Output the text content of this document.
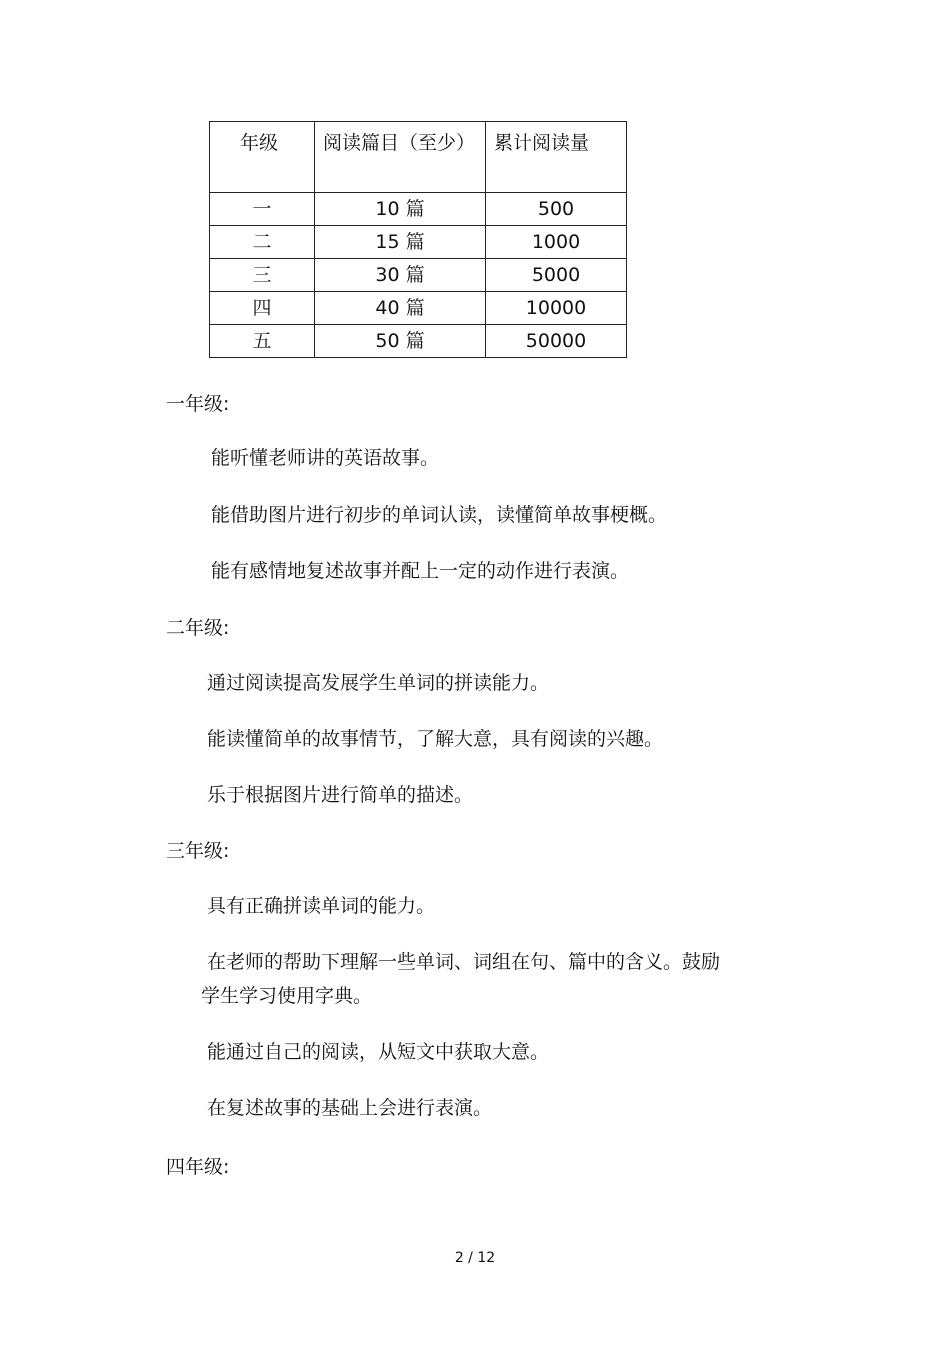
年级	阅读篇目（至少）	累计阅读量
一	10 篇	500
二	15 篇	1000
三	30 篇	5000
四	40 篇	10000
五	50 篇	50000
一年级:
能听懂老师讲的英语故事。
能借助图片进行初步的单词认读，读懂简单故事梗概。
能有感情地复述故事并配上一定的动作进行表演。
二年级:
通过阅读提高发展学生单词的拼读能力。
能读懂简单的故事情节，了解大意，具有阅读的兴趣。
乐于根据图片进行简单的描述。
三年级:
具有正确拼读单词的能力。
在老师的帮助下理解一些单词、词组在句、篇中的含义。鼓励
学生学习使用字典。
能通过自己的阅读，从短文中获取大意。
在复述故事的基础上会进行表演。
四年级:
2 / 12
